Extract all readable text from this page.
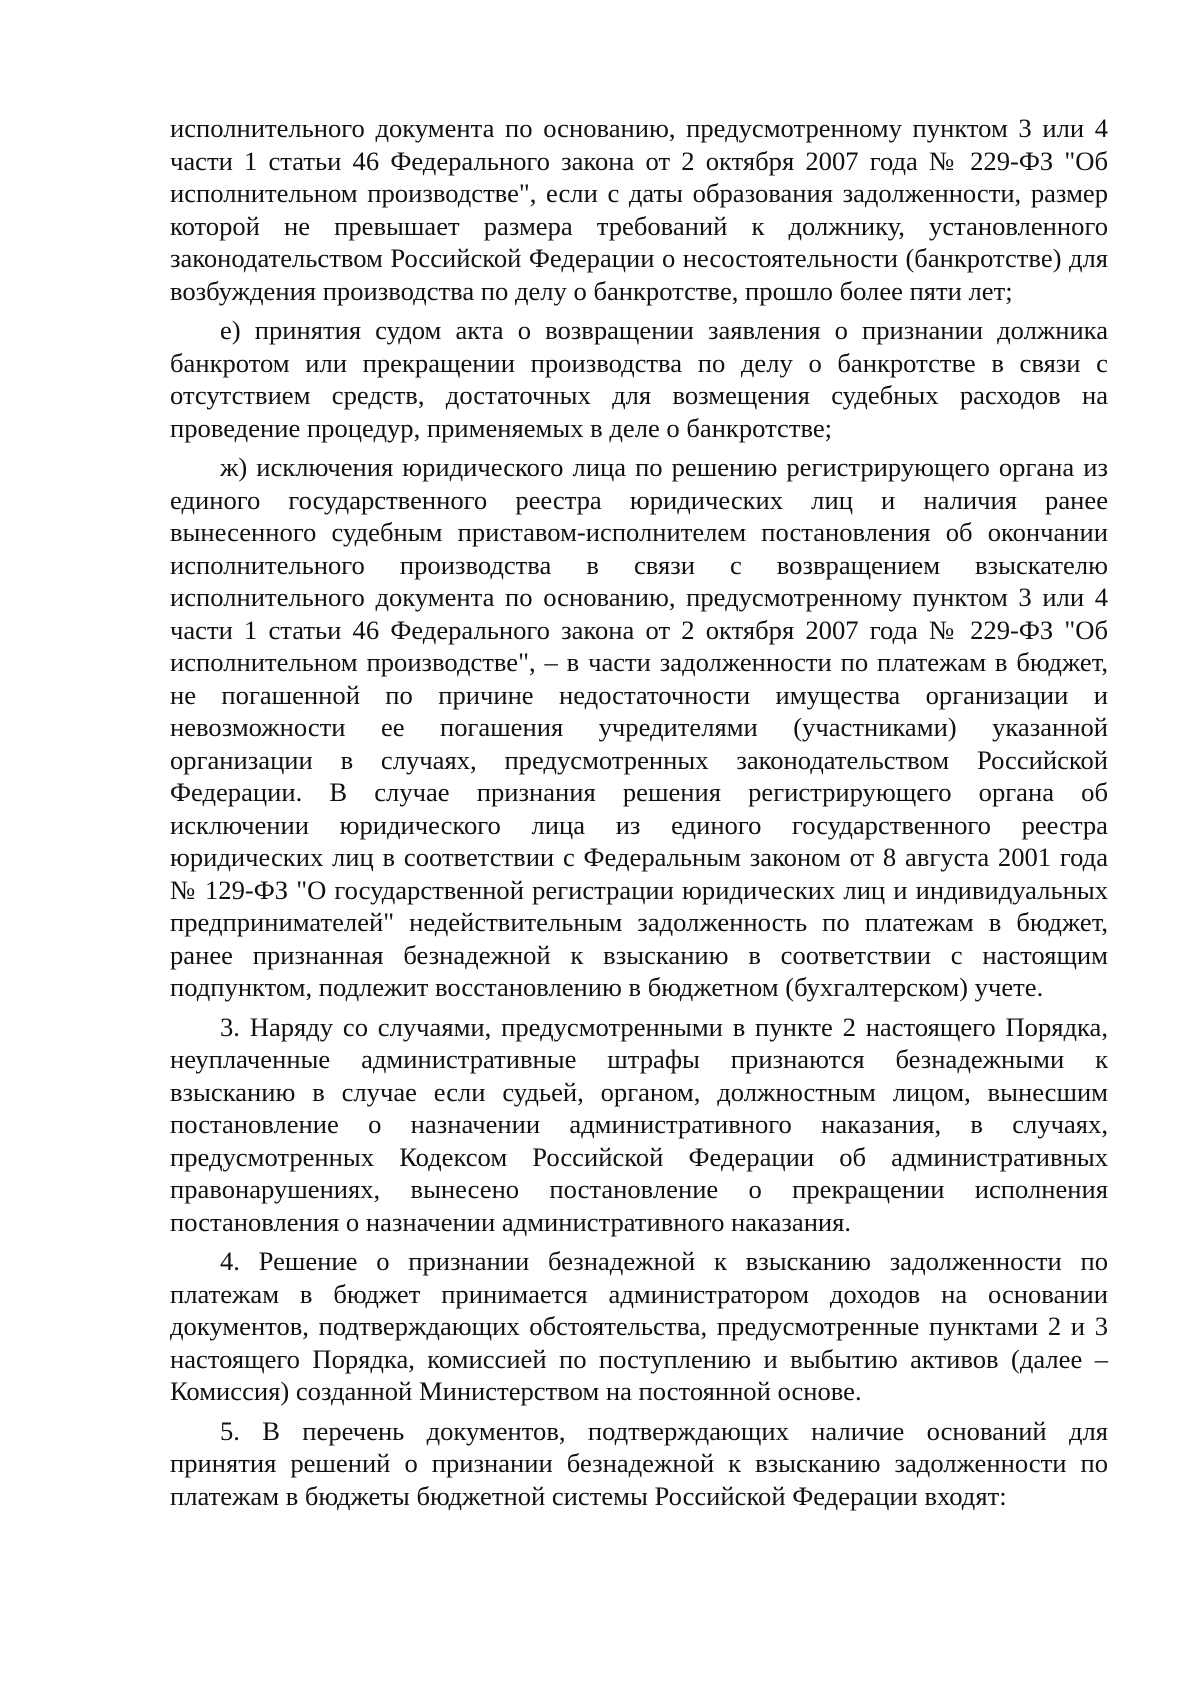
исполнительного документа по основанию, предусмотренному пунктом 3 или 4 части 1 статьи 46 Федерального закона от 2 октября 2007 года № 229-ФЗ "Об исполнительном производстве", если с даты образования задолженности, размер которой не превышает размера требований к должнику, установленного законодательством Российской Федерации о несостоятельности (банкротстве) для возбуждения производства по делу о банкротстве, прошло более пяти лет;

е) принятия судом акта о возвращении заявления о признании должника банкротом или прекращении производства по делу о банкротстве в связи с отсутствием средств, достаточных для возмещения судебных расходов на проведение процедур, применяемых в деле о банкротстве;

ж) исключения юридического лица по решению регистрирующего органа из единого государственного реестра юридических лиц и наличия ранее вынесенного судебным приставом-исполнителем постановления об окончании исполнительного производства в связи с возвращением взыскателю исполнительного документа по основанию, предусмотренному пунктом 3 или 4 части 1 статьи 46 Федерального закона от 2 октября 2007 года № 229-ФЗ "Об исполнительном производстве", – в части задолженности по платежам в бюджет, не погашенной по причине недостаточности имущества организации и невозможности ее погашения учредителями (участниками) указанной организации в случаях, предусмотренных законодательством Российской Федерации. В случае признания решения регистрирующего органа об исключении юридического лица из единого государственного реестра юридических лиц в соответствии с Федеральным законом от 8 августа 2001 года № 129-ФЗ "О государственной регистрации юридических лиц и индивидуальных предпринимателей" недействительным задолженность по платежам в бюджет, ранее признанная безнадежной к взысканию в соответствии с настоящим подпунктом, подлежит восстановлению в бюджетном (бухгалтерском) учете.

3. Наряду со случаями, предусмотренными в пункте 2 настоящего Порядка, неуплаченные административные штрафы признаются безнадежными к взысканию в случае если судьей, органом, должностным лицом, вынесшим постановление о назначении административного наказания, в случаях, предусмотренных Кодексом Российской Федерации об административных правонарушениях, вынесено постановление о прекращении исполнения постановления о назначении административного наказания.

4. Решение о признании безнадежной к взысканию задолженности по платежам в бюджет принимается администратором доходов на основании документов, подтверждающих обстоятельства, предусмотренные пунктами 2 и 3 настоящего Порядка, комиссией по поступлению и выбытию активов (далее – Комиссия) созданной Министерством на постоянной основе.

5. В перечень документов, подтверждающих наличие оснований для принятия решений о признании безнадежной к взысканию задолженности по платежам в бюджеты бюджетной системы Российской Федерации входят:
